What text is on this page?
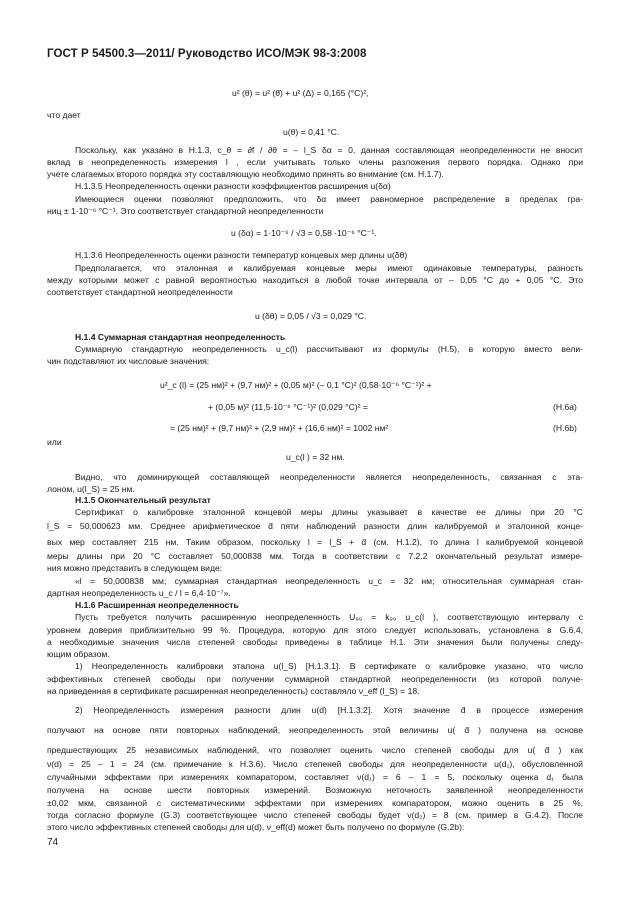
ГОСТ Р 54500.3—2011/ Руководство ИСО/МЭК 98-3:2008
u² (θ) = u² (θ̄) + u² (Δ) = 0,165 (°C)²,
что дает
u(θ) = 0,41 °C.
Поскольку, как указано в Н.1.3, c_θ = ∂f / ∂θ = – l_S δα = 0, данная составляющая неопределенности не вносит
вклад в неопределенность измерения l , если учитывать только члены разложения первого порядка. Однако при
учете слагаемых второго порядка эту составляющую необходимо принять во внимание (см. Н.1.7).
Н.1.3.5 Неопределенность оценки разности коэффициентов расширения u(δα)
Имеющиеся оценки позволяют предположить, что δα имеет равномерное распределение в пределах гра-
ниц ± 1·10⁻⁶ °C⁻¹. Это соответствует стандартной неопределенности
u (δα) = 1·10⁻⁶ / √3 = 0,58 ·10⁻⁶ °C⁻¹.
Н.1.3.6 Неопределенность оценки разности температур концевых мер длины u(δθ)
Предполагается, что эталонная и калибруемая концевые меры имеют одинаковые температуры, разность
между которыми может с равной вероятностью находиться в любой точке интервала от – 0,05 °C до + 0,05 °C. Это
соответствует стандартной неопределенности
u (δθ) = 0,05 / √3 = 0,029 °C.
Н.1.4 Суммарная стандартная неопределенность
Суммарную стандартную неопределенность u_c(l) рассчитывают из формулы (Н.5), в которую вместо вели-
чин подставляют их числовые значения:
u²_c (l) = (25 нм)² + (9,7 нм)² + (0,05 м)² (– 0,1 °C)² (0,58·10⁻⁶ °C⁻¹)² +
+ (0,05 м)² (11,5·10⁻⁶ °C⁻¹)² (0,029 °C)² =	(Н.6а)
= (25 нм)² + (9,7 нм)² + (2,9 нм)² + (16,6 нм)² = 1002 нм²	(Н.6b)
или
u_c(l ) = 32 нм.
Видно, что доминирующей составляющей неопределенности является неопределенность, связанная с эта-
лоном, u(l_S) = 25 нм.
Н.1.5 Окончательный результат
Сертификат о калибровке эталонной концевой меры длины указывает в качестве ее длины при 20 °C
l_S = 50,000623 мм. Среднее арифметическое d̄ пяти наблюдений разности длин калибруемой и эталонной конце-
вых мер составляет 215 нм. Таким образом, поскольку l = l_S + d̄ (см. Н.1.2), то длина l калибруемой концевой
меры длины при 20 °C составляет 50,000838 мм. Тогда в соответствии с 7.2.2 окончательный результат измере-
ния можно представить в следующем виде:
«l = 50,000838 мм; суммарная стандартная неопределенность u_c = 32 нм; относительная суммарная стан-
дартная неопределенность u_c / l = 6,4·10⁻⁷».
Н.1.6 Расширенная неопределенность
Пусть требуется получить расширенную неопределенность U₉₉ = k₉₉ u_c(l ), соответствующую интервалу с
уровнем доверия приблизительно 99 %. Процедура, которую для этого следует использовать, установлена в G.6.4,
а необходимые значения числа степеней свободы приведены в таблице Н.1. Эти значения были получены следу-
ющим образом.
1) Неопределенность калибровки эталона u(l_S) [Н.1.3.1]. В сертификате о калибровке указано, что число
эффективных степеней свободы при получении суммарной стандартной неопределенности (из которой получе-
на приведенная в сертификате расширенная неопределенность) составляло ν_eff (l_S) = 18.
2) Неопределенность измерения разности длин u(d) [Н.1.3.2]. Хотя значение d̄ в процессе измерения
получают на основе пяти повторных наблюдений, неопределенность этой величины u( d̄ ) получена на основе
предшествующих 25 независимых наблюдений, что позволяет оценить число степеней свободы для u( d̄ ) как
ν(d) = 25 – 1 = 24 (см. примечание к Н.3.6). Число степеней свободы для неопределенности u(d₁), обусловленной
случайными эффектами при измерениях компаратором, составляет ν(d₁) = 6 – 1 = 5, поскольку оценка d₁ была
получена на основе шести повторных измерений. Возможную неточность заявленной неопределенности
±0,02 мкм, связанной с систематическими эффектами при измерениях компаратором, можно оценить в 25 %,
тогда согласно формуле (G.3) соответствующее число степеней свободы будет ν(d₂) = 8 (см. пример в G.4.2). После
этого число эффективных степеней свободы для u(d), ν_eff(d) может быть получено по формуле (G.2b):
74
